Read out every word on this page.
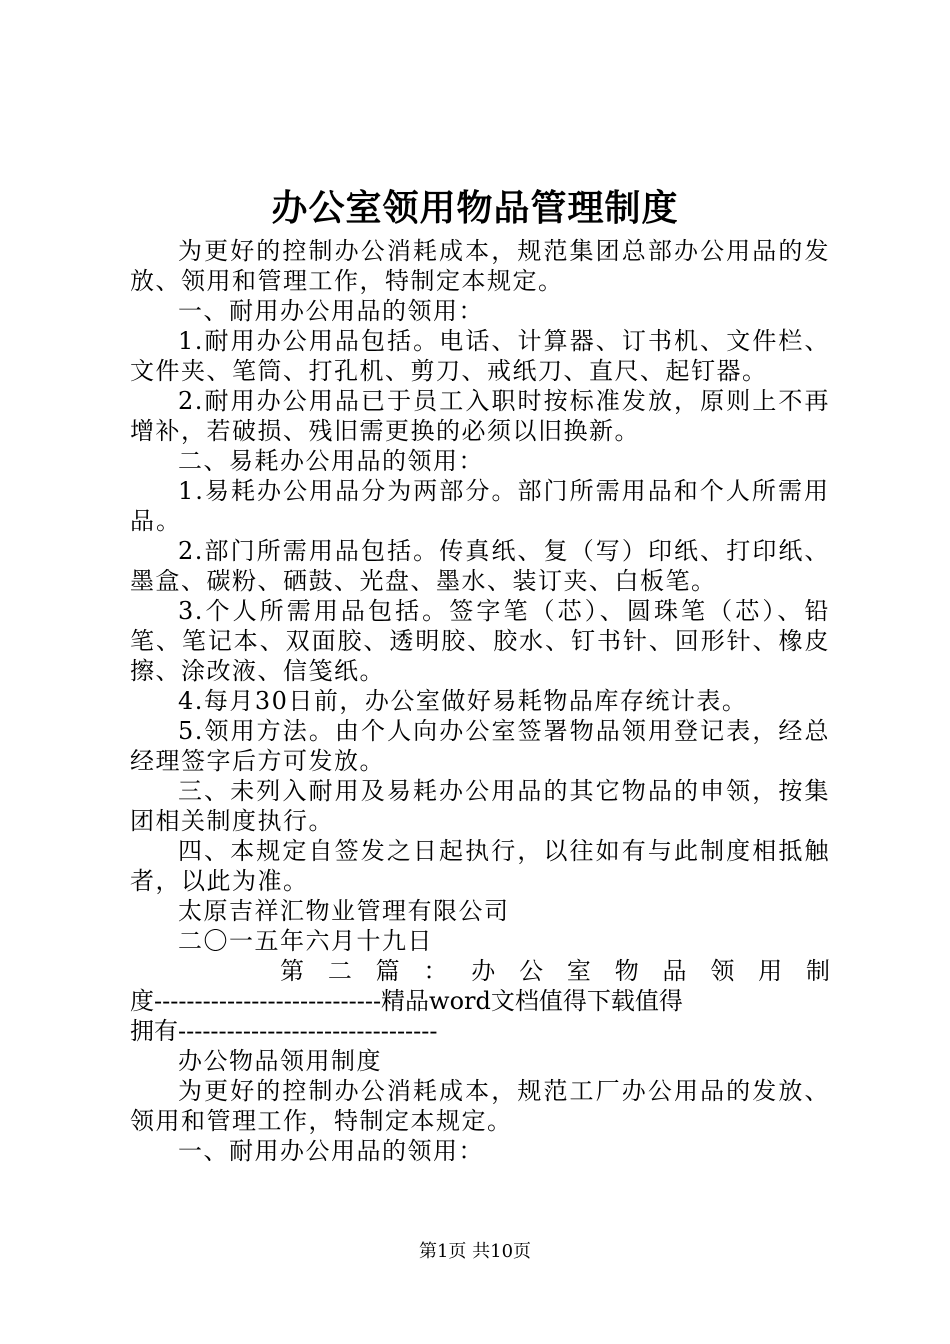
办公室领用物品管理制度

为更好的控制办公消耗成本，规范集团总部办公用品的发放、领用和管理工作，特制定本规定。

一、耐用办公用品的领用：

1.耐用办公用品包括。电话、计算器、订书机、文件栏、文件夹、笔筒、打孔机、剪刀、戒纸刀、直尺、起钉器。

2.耐用办公用品已于员工入职时按标准发放，原则上不再增补，若破损、残旧需更换的必须以旧换新。

二、易耗办公用品的领用：

1.易耗办公用品分为两部分。部门所需用品和个人所需用品。

2.部门所需用品包括。传真纸、复（写）印纸、打印纸、墨盒、碳粉、硒鼓、光盘、墨水、装订夹、白板笔。

3.个人所需用品包括。签字笔（芯）、圆珠笔（芯）、铅笔、笔记本、双面胶、透明胶、胶水、钉书针、回形针、橡皮擦、涂改液、信笺纸。

4.每月30日前，办公室做好易耗物品库存统计表。

5.领用方法。由个人向办公室签署物品领用登记表，经总经理签字后方可发放。

三、未列入耐用及易耗办公用品的其它物品的申领，按集团相关制度执行。

四、本规定自签发之日起执行，以往如有与此制度相抵触者，以此为准。

太原吉祥汇物业管理有限公司

二〇一五年六月十九日

第 二 篇 ： 办 公 室 物 品 领 用 制

度----------------------------精品word文档值得下载值得

拥有--------------------------------

办公物品领用制度

为更好的控制办公消耗成本，规范工厂办公用品的发放、领用和管理工作，特制定本规定。

一、耐用办公用品的领用：

第1页 共10页
